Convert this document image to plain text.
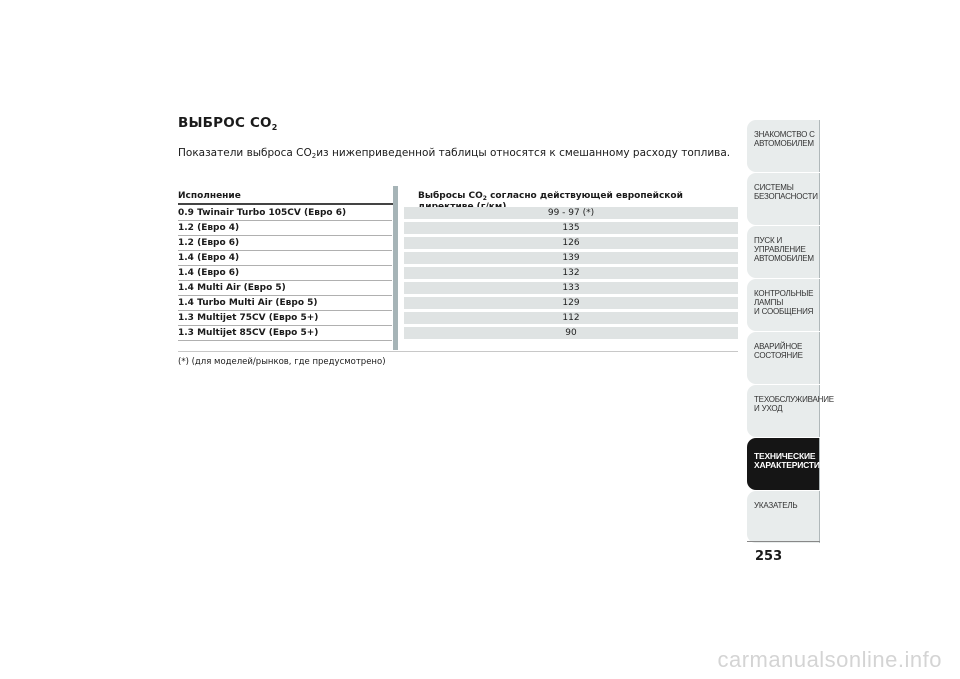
ВЫБРОС $CO_2$
Показатели выброса $CO_2из$ нижеприведенной таблицы относятся к смешанному расходу топлива.
Исполнение	Выбросы $CO_2$ согласно действующей европейской
0.9 Twinair Turbo 105CV (Евро 6)	99 - 97 (*)
1.2 (Евро 4)	135
1.2 (Евро 6)	126
1.4 (Евро 4)	139
1.4 (Евро 6)	132
1.4 Multi Air (Евро 5)	133
1.4 Turbo Multi Air (Евро 5)	129
1.3 Multijet 75CV (Евро 5+)	112
1.3 Multijet 85CV (Евро 5+)	90
(*) (для моделей/рынков, где предусмотрено)
ЗНАКОМСТВО С
АВТОМОБИЛЕМ
СИСТЕМЫ
БЕЗОПАСНОСТИ
ПУСК И УПРАВЛЕНИЕ
АВТОМОБИЛЕМ
КОНТРОЛЬНЫЕ
ЛАМПЫ
И СООБЩЕНИЯ
АВАРИЙНОЕ
СОСТОЯНИЕ
ТЕХОБСЛУЖИВАНИЕ
И УХОД
ТЕХНИЧЕСКИЕ
ХАРАКТЕРИСТИКИ
УКАЗАТЕЛЬ
253
carmanualsonline.info
